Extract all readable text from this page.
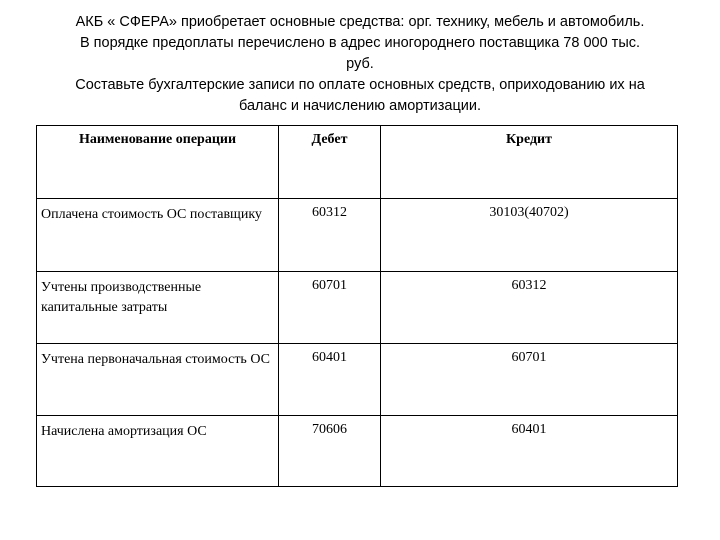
АКБ « СФЕРА» приобретает основные средства: орг. технику, мебель и автомобиль.
В порядке предоплаты перечислено в адрес иногороднего поставщика 78 000 тыс.
руб.
Составьте бухгалтерские записи по оплате основных средств, оприходованию их на
баланс и начислению амортизации.
Наименование операции	Дебет	Кредит
Оплачена стоимость ОС поставщику	60312	30103(40702)
Учтены производственные капитальные затраты	60701	60312
Учтена первоначальная стоимость ОС	60401	60701
Начислена амортизация ОС	70606	60401
